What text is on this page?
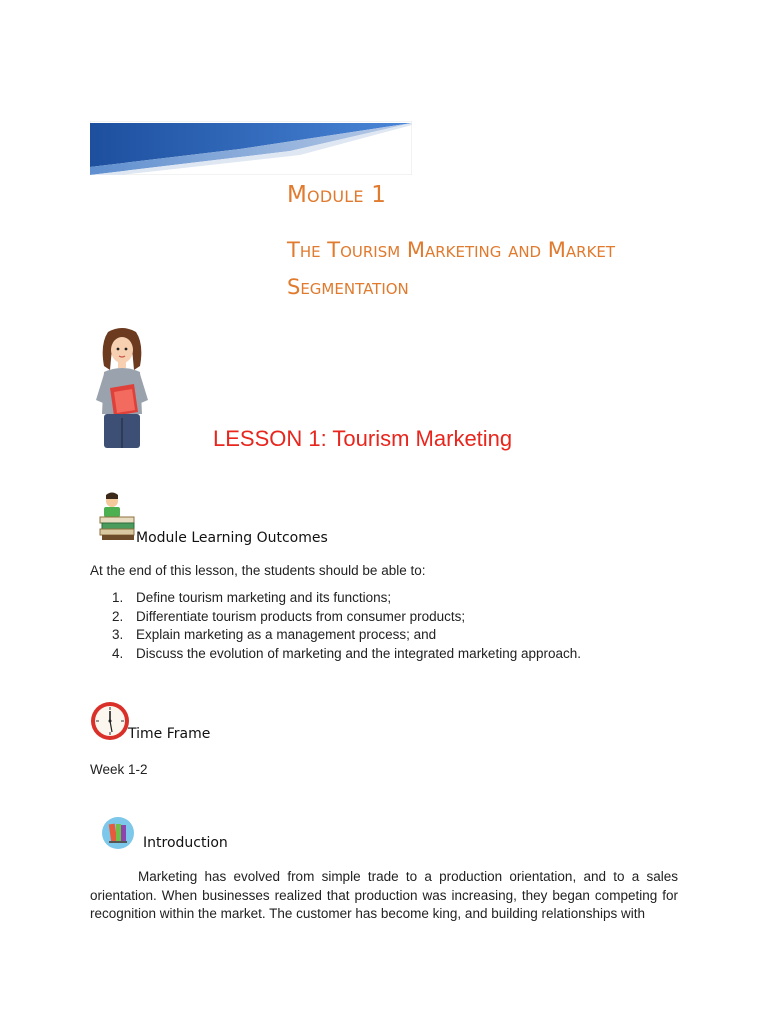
Module 1
The Tourism Marketing and Market Segmentation
LESSON 1: Tourism Marketing
Module Learning Outcomes
At the end of this lesson, the students should be able to:
1. Define tourism marketing and its functions;
2. Differentiate tourism products from consumer products;
3. Explain marketing as a management process; and
4. Discuss the evolution of marketing and the integrated marketing approach.
Time Frame
Week 1-2
Introduction

Marketing has evolved from simple trade to a production orientation, and to a sales orientation. When businesses realized that production was increasing, they began competing for recognition within the market. The customer has become king, and building relationships with
